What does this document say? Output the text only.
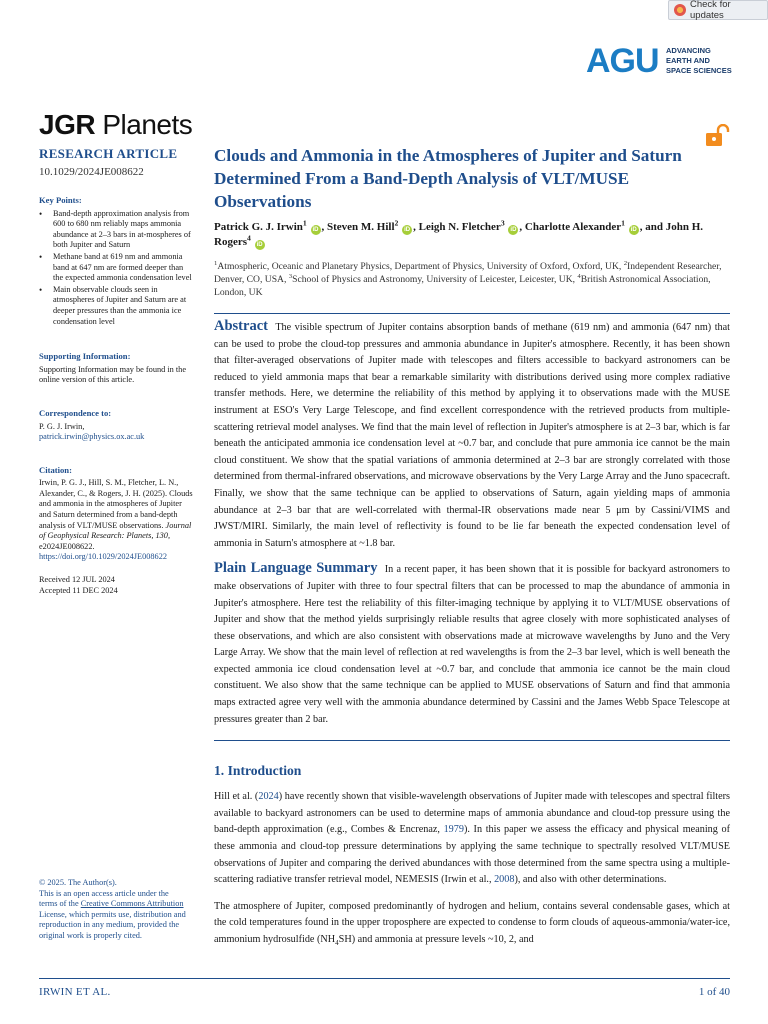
Check for updates
AGU ADVANCING
EARTH AND
SPACE SCIENCES
JGR Planets
RESEARCH ARTICLE
10.1029/2024JE008622
Key Points:
• Band-depth approximation analysis from 600 to 680 nm reliably maps ammonia abundance at 2–3 bars in at-mospheres of both Jupiter and Saturn
• Methane band at 619 nm and ammonia band at 647 nm are formed deeper than the expected ammonia condensation level
• Main observable clouds seen in atmospheres of Jupiter and Saturn are at deeper pressures than the ammonia ice condensation level
Supporting Information:

Supporting Information may be found in the online version of this article.

Correspondence to:

P. G. J. Irwin,

patrick.irwin@physics.ox.ac.uk

Citation:

Irwin, P. G. J., Hill, S. M., Fletcher, L. N., Alexander, C., & Rogers, J. H. (2025). Clouds and ammonia in the atmospheres of Jupiter and Saturn determined from a band-depth analysis of VLT/MUSE observations. Journal of Geophysical Research: Planets, 130, e2024JE008622.

https://doi.org/10.1029/2024JE008622

Received 12 JUL 2024

Accepted 11 DEC 2024

© 2025. The Author(s).
This is an open access article under the terms of the Creative Commons Attribution License, which permits use, distribution and reproduction in any medium, provided the original work is properly cited.
Clouds and Ammonia in the Atmospheres of Jupiter and Saturn Determined From a Band-Depth Analysis of VLT/MUSE Observations
Patrick G. J. Irwin$^1$ iD , Steven M. Hill$^2$ iD , Leigh N. Fletcher$^3$ iD , Charlotte Alexander$^1$ iD , and John H. Rogers$^4$ iD
$^1$Atmospheric, Oceanic and Planetary Physics, Department of Physics, University of Oxford, Oxford, UK, $^2$Independent Researcher, Denver, CO, USA, $^3$School of Physics and Astronomy, University of Leicester, Leicester, UK, $^4$British Astronomical Association, London, UK
Abstract The visible spectrum of Jupiter contains absorption bands of methane (619 nm) and ammonia (647 nm) that can be used to probe the cloud-top pressures and ammonia abundance in Jupiter's atmosphere. Recently, it has been shown that filter-averaged observations of Jupiter made with telescopes and filters accessible to backyard astronomers can be reduced to yield ammonia maps that bear a remarkable similarity with distributions derived using more complex radiative transfer methods. Here, we determine the reliability of this method by applying it to observations made with the MUSE instrument at ESO's Very Large Telescope, and find excellent correspondence with the retrieved products from multiple-scattering retrieval model analyses. We find that the main level of reflection in Jupiter's atmosphere is at 2–3 bar, which is far beneath the anticipated ammonia ice condensation level at ~0.7 bar, and conclude that pure ammonia ice cannot be the main cloud constituent. We show that the spatial variations of ammonia determined at 2–3 bar are strongly correlated with those determined from thermal-infrared observations, and microwave observations by the Very Large Array and the Juno spacecraft. Finally, we show that the same technique can be applied to observations of Saturn, again yielding maps of ammonia abundance at 2–3 bar that are well-correlated with thermal-IR observations made near 5 μm by Cassini/VIMS and JWST/MIRI. Similarly, the main level of reflectivity is found to be lie far beneath the expected condensation level of ammonia in Saturn's atmosphere at ~1.8 bar.
Plain Language Summary In a recent paper, it has been shown that it is possible for backyard astronomers to make observations of Jupiter with three to four spectral filters that can be processed to map the abundance of ammonia in Jupiter's atmosphere. Here test the reliability of this filter-imaging technique by applying it to VLT/MUSE observations of Jupiter and show that the method yields surprisingly reliable results that agree closely with more sophisticated analyses of these observations, and which are also consistent with observations made at microwave wavelengths by Juno and the Very Large Array. We show that the main level of reflection at red wavelengths is from the 2–3 bar level, which is well beneath the expected ammonia ice cloud condensation level at ~0.7 bar, and conclude that ammonia ice cannot be the main cloud constituent. We also show that the same technique can be applied to MUSE observations of Saturn and find that ammonia maps extracted agree very well with the ammonia abundance determined by Cassini and the James Webb Space Telescope at pressures greater than 2 bar.
1. Introduction

Hill et al. (2024) have recently shown that visible-wavelength observations of Jupiter made with telescopes and spectral filters available to backyard astronomers can be used to determine maps of ammonia abundance and cloud-top pressure using the band-depth approximation (e.g., Combes & Encrenaz, 1979). In this paper we assess the efficacy and physical meaning of these ammonia and cloud-top pressure determinations by applying the same technique to spectrally resolved VLT/MUSE observations of Jupiter and comparing the derived abundances with those determined from the same spectra using a multiple-scattering radiative transfer retrieval model, NEMESIS (Irwin et al., 2008), and also with other determinations.

The atmosphere of Jupiter, composed predominantly of hydrogen and helium, contains several condensable gases, which at the cold temperatures found in the upper troposphere are expected to condense to form clouds of aqueous-ammonia/water-ice, ammonium hydrosulfide $(NH_4SH)$ and ammonia at pressure levels ~10, 2, and

IRWIN ET AL.	1 of 40
